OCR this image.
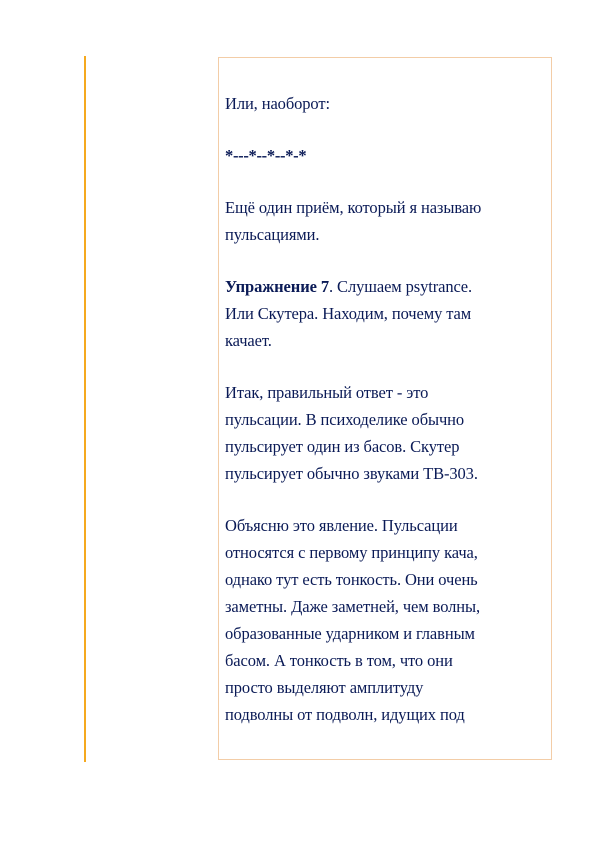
Или, наоборот:

*---*--*--*-*

Ещё один приём, который я называю
пульсациями.

Упражнение 7. Слушаем psytrance.
Или Скутера. Находим, почему там
качает.

Итак, правильный ответ - это
пульсации. В психоделике обычно
пульсирует один из басов. Скутер
пульсирует обычно звуками TB-303.

Объясню это явление. Пульсации
относятся с первому принципу кача,
однако тут есть тонкость. Они очень
заметны. Даже заметней, чем волны,
образованные ударником и главным
басом. А тонкость в том, что они
просто выделяют амплитуду
подволны от подволн, идущих под
